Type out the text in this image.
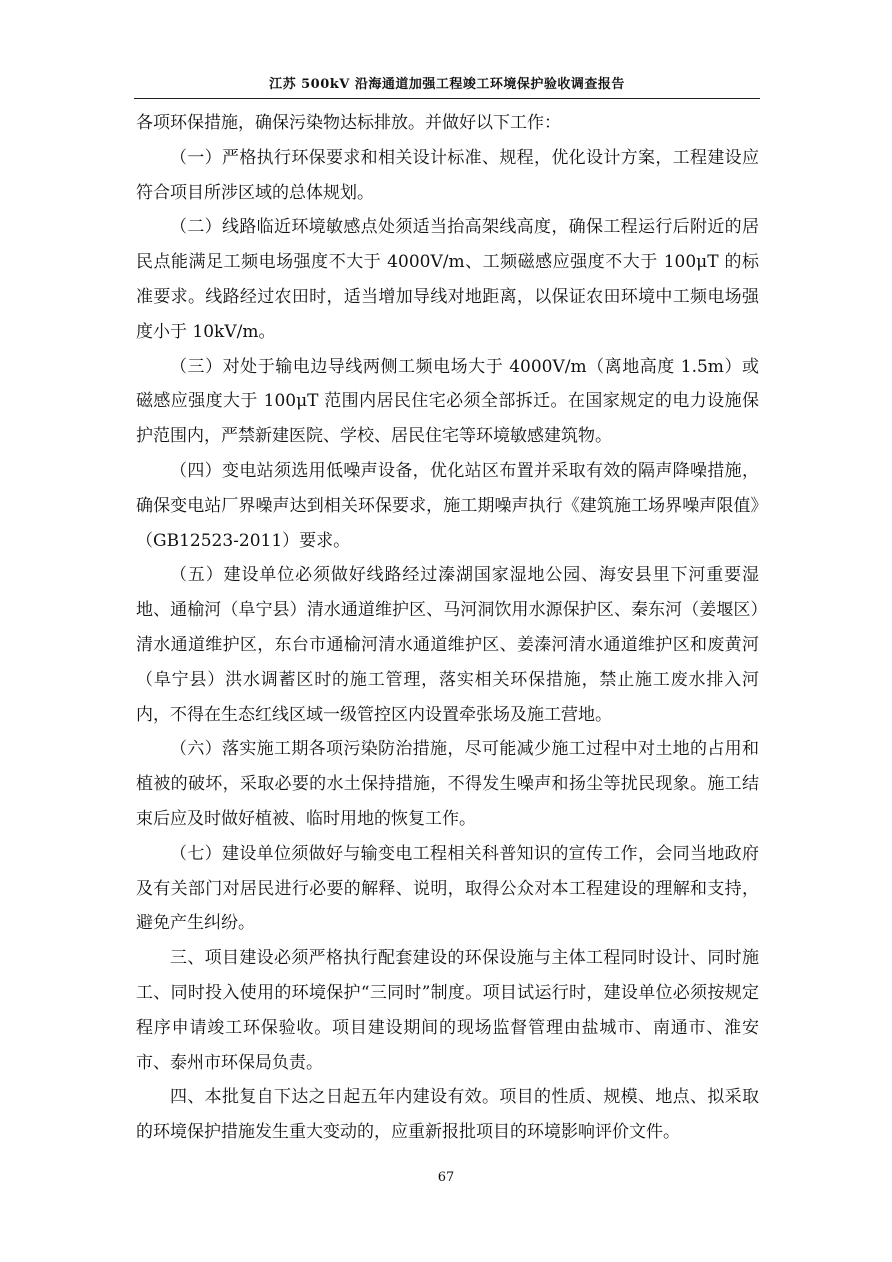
江苏 500kV 沿海通道加强工程竣工环境保护验收调查报告

各项环保措施，确保污染物达标排放。并做好以下工作：

（一）严格执行环保要求和相关设计标准、规程，优化设计方案，工程建设应符合项目所涉区域的总体规划。

（二）线路临近环境敏感点处须适当抬高架线高度，确保工程运行后附近的居民点能满足工频电场强度不大于 4000V/m、工频磁感应强度不大于 100μT 的标准要求。线路经过农田时，适当增加导线对地距离，以保证农田环境中工频电场强度小于 10kV/m。

（三）对处于输电边导线两侧工频电场大于 4000V/m（离地高度 1.5m）或磁感应强度大于 100μT 范围内居民住宅必须全部拆迁。在国家规定的电力设施保护范围内，严禁新建医院、学校、居民住宅等环境敏感建筑物。

（四）变电站须选用低噪声设备，优化站区布置并采取有效的隔声降噪措施，确保变电站厂界噪声达到相关环保要求，施工期噪声执行《建筑施工场界噪声限值》（GB12523-2011）要求。

（五）建设单位必须做好线路经过溱湖国家湿地公园、海安县里下河重要湿地、通榆河（阜宁县）清水通道维护区、马河洞饮用水源保护区、秦东河（姜堰区）清水通道维护区，东台市通榆河清水通道维护区、姜溱河清水通道维护区和废黄河（阜宁县）洪水调蓄区时的施工管理，落实相关环保措施，禁止施工废水排入河内，不得在生态红线区域一级管控区内设置牵张场及施工营地。

（六）落实施工期各项污染防治措施，尽可能减少施工过程中对土地的占用和植被的破坏，采取必要的水土保持措施，不得发生噪声和扬尘等扰民现象。施工结束后应及时做好植被、临时用地的恢复工作。

（七）建设单位须做好与输变电工程相关科普知识的宣传工作，会同当地政府及有关部门对居民进行必要的解释、说明，取得公众对本工程建设的理解和支持，避免产生纠纷。

三、项目建设必须严格执行配套建设的环保设施与主体工程同时设计、同时施工、同时投入使用的环境保护“三同时”制度。项目试运行时，建设单位必须按规定程序申请竣工环保验收。项目建设期间的现场监督管理由盐城市、南通市、淮安市、泰州市环保局负责。

四、本批复自下达之日起五年内建设有效。项目的性质、规模、地点、拟采取的环境保护措施发生重大变动的，应重新报批项目的环境影响评价文件。

67
